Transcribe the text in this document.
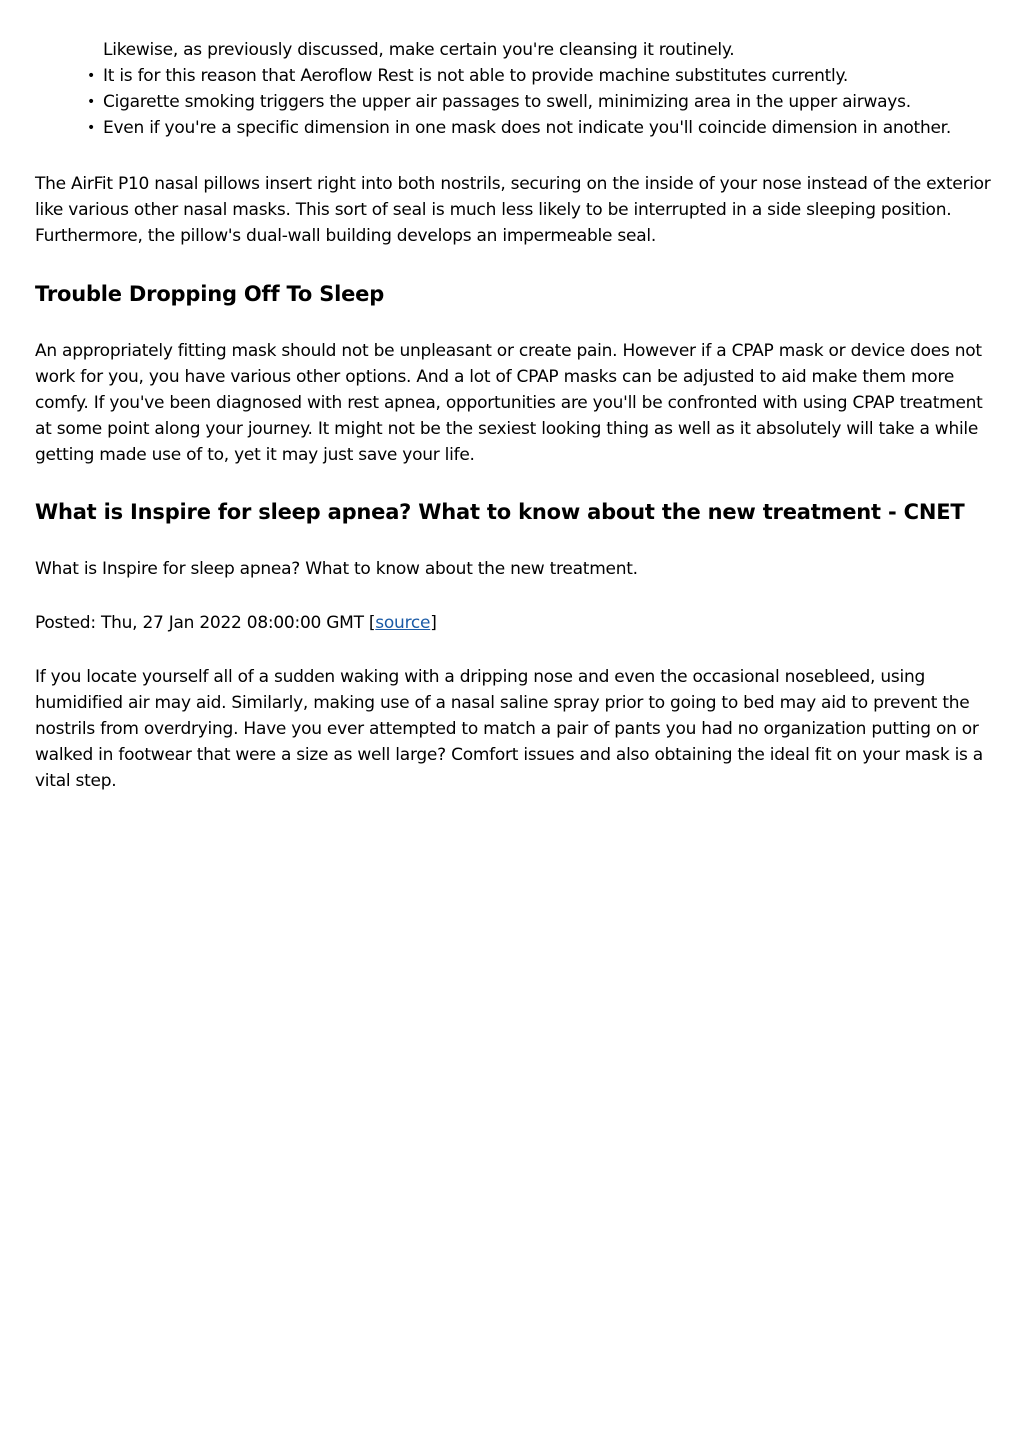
Likewise, as previously discussed, make certain you're cleansing it routinely.
• It is for this reason that Aeroflow Rest is not able to provide machine substitutes currently.
• Cigarette smoking triggers the upper air passages to swell, minimizing area in the upper airways.
• Even if you're a specific dimension in one mask does not indicate you'll coincide dimension in another.

The AirFit P10 nasal pillows insert right into both nostrils, securing on the inside of your nose instead of the exterior like various other nasal masks. This sort of seal is much less likely to be interrupted in a side sleeping position. Furthermore, the pillow's dual-wall building develops an impermeable seal.

Trouble Dropping Off To Sleep

An appropriately fitting mask should not be unpleasant or create pain. However if a CPAP mask or device does not work for you, you have various other options. And a lot of CPAP masks can be adjusted to aid make them more comfy. If you've been diagnosed with rest apnea, opportunities are you'll be confronted with using CPAP treatment at some point along your journey. It might not be the sexiest looking thing as well as it absolutely will take a while getting made use of to, yet it may just save your life.

What is Inspire for sleep apnea? What to know about the new treatment - CNET

What is Inspire for sleep apnea? What to know about the new treatment.

Posted: Thu, 27 Jan 2022 08:00:00 GMT [source]

If you locate yourself all of a sudden waking with a dripping nose and even the occasional nosebleed, using humidified air may aid. Similarly, making use of a nasal saline spray prior to going to bed may aid to prevent the nostrils from overdrying. Have you ever attempted to match a pair of pants you had no organization putting on or walked in footwear that were a size as well large? Comfort issues and also obtaining the ideal fit on your mask is a vital step.
